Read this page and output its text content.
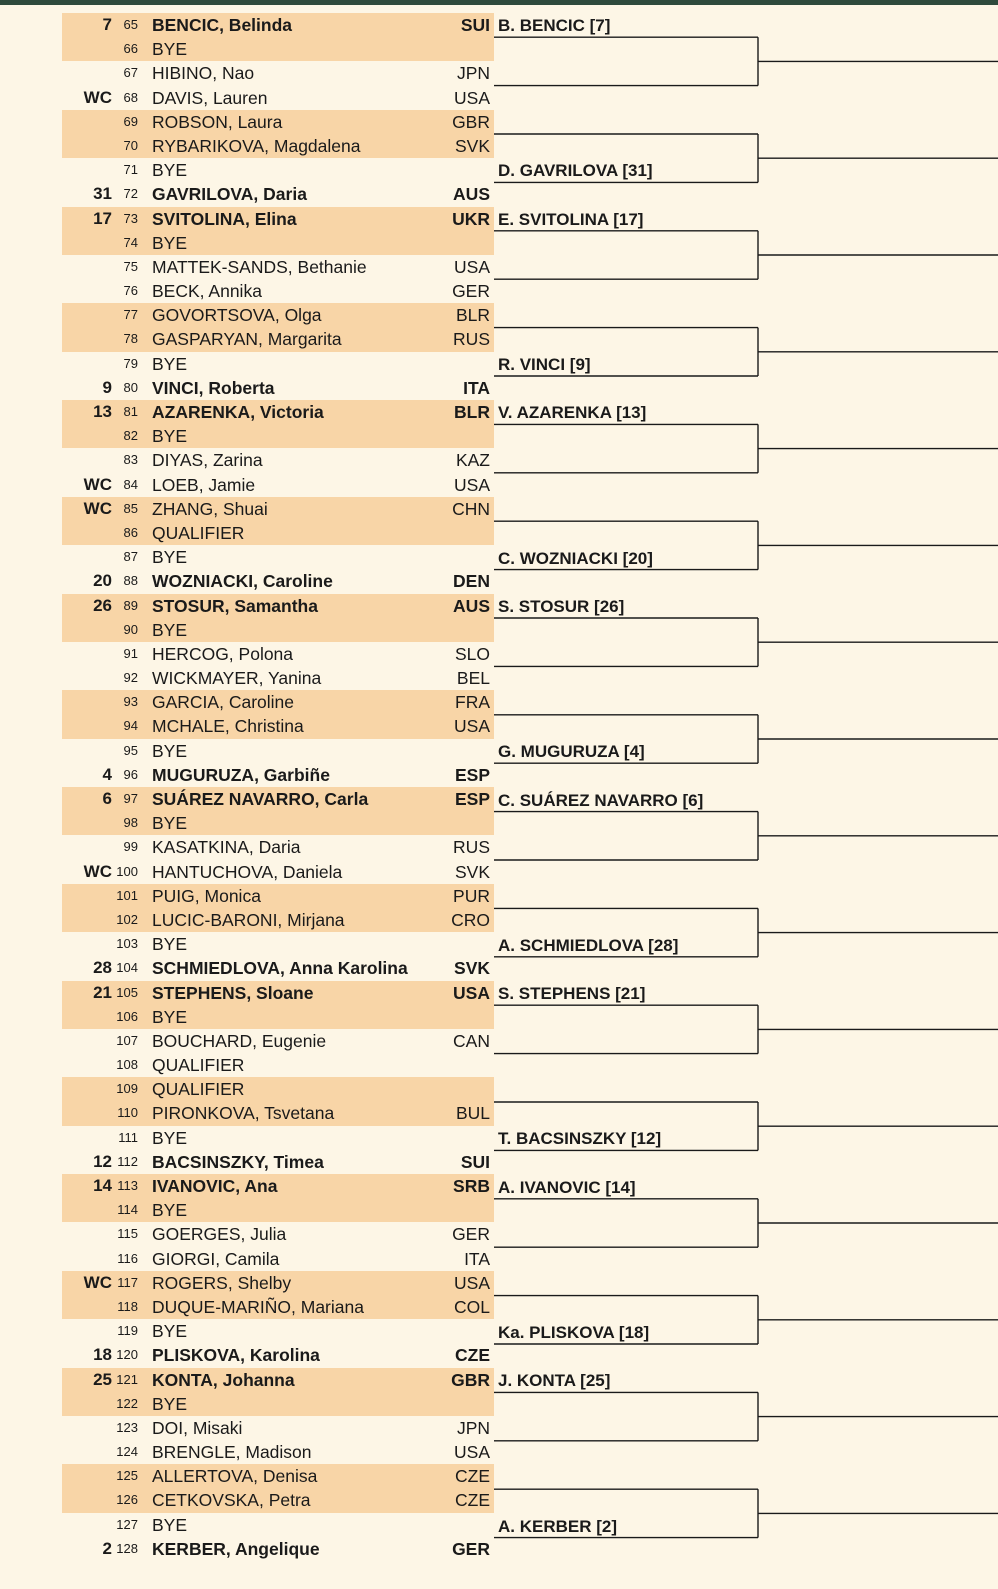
7 65 BENCIC, Belinda	SUI
66 BYE
67 HIBINO, Nao	JPN
WC 68 DAVIS, Lauren	USA
69 ROBSON, Laura	GBR
70 RYBARIKOVA, Magdalena	SVK
71 BYE
31 72 GAVRILOVA, Daria	AUS
17 73 SVITOLINA, Elina	UKR
74 BYE
75 MATTEK-SANDS, Bethanie	USA
76 BECK, Annika	GER
77 GOVORTSOVA, Olga	BLR
78 GASPARYAN, Margarita	RUS
79 BYE
9 80 VINCI, Roberta	ITA
13 81 AZARENKA, Victoria	BLR
82 BYE
83 DIYAS, Zarina	KAZ
WC 84 LOEB, Jamie	USA
WC 85 ZHANG, Shuai	CHN
86 QUALIFIER
87 BYE
20 88 WOZNIACKI, Caroline	DEN
26 89 STOSUR, Samantha	AUS
90 BYE
91 HERCOG, Polona	SLO
92 WICKMAYER, Yanina	BEL
93 GARCIA, Caroline	FRA
94 MCHALE, Christina	USA
95 BYE
4 96 MUGURUZA, Garbiñe	ESP
6 97 SUÁREZ NAVARRO, Carla	ESP
98 BYE
99 KASATKINA, Daria	RUS
WC 100 HANTUCHOVA, Daniela	SVK
101 PUIG, Monica	PUR
102 LUCIC-BARONI, Mirjana	CRO
103 BYE
28 104 SCHMIEDLOVA, Anna Karolina	SVK
21 105 STEPHENS, Sloane	USA
106 BYE
107 BOUCHARD, Eugenie	CAN
108 QUALIFIER
109 QUALIFIER
110 PIRONKOVA, Tsvetana	BUL
111 BYE
12 112 BACSINSZKY, Timea	SUI
14 113 IVANOVIC, Ana	SRB
114 BYE
115 GOERGES, Julia	GER
116 GIORGI, Camila	ITA
WC 117 ROGERS, Shelby	USA
118 DUQUE-MARIÑO, Mariana	COL
119 BYE
18 120 PLISKOVA, Karolina	CZE
25 121 KONTA, Johanna	GBR
122 BYE
123 DOI, Misaki	JPN
124 BRENGLE, Madison	USA
125 ALLERTOVA, Denisa	CZE
126 CETKOVSKA, Petra	CZE
127 BYE
2 128 KERBER, Angelique	GER
B. BENCIC [7]
D. GAVRILOVA [31]
E. SVITOLINA [17]
R. VINCI [9]
V. AZARENKA [13]
C. WOZNIACKI [20]
S. STOSUR [26]
G. MUGURUZA [4]
C. SUÁREZ NAVARRO [6]
A. SCHMIEDLOVA [28]
S. STEPHENS [21]
T. BACSINSZKY [12]
A. IVANOVIC [14]
Ka. PLISKOVA [18]
J. KONTA [25]
A. KERBER [2]
